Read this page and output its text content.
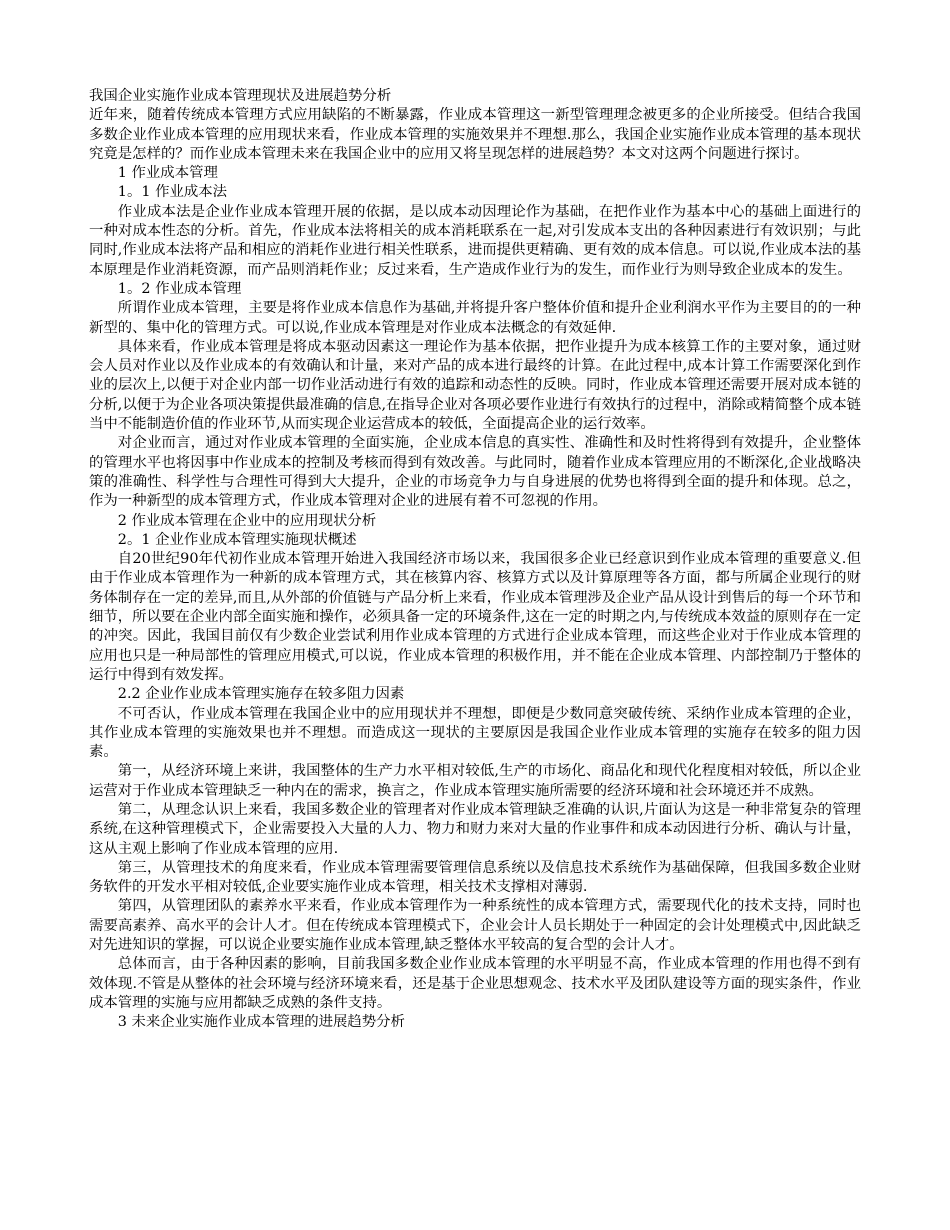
我国企业实施作业成本管理现状及进展趋势分析
近年来，随着传统成本管理方式应用缺陷的不断暴露，作业成本管理这一新型管理理念被更多的企业所接受。但结合我国多数企业作业成本管理的应用现状来看，作业成本管理的实施效果并不理想.那么，我国企业实施作业成本管理的基本现状究竟是怎样的？而作业成本管理未来在我国企业中的应用又将呈现怎样的进展趋势？本文对这两个问题进行探讨。
1 作业成本管理
1。1 作业成本法
作业成本法是企业作业成本管理开展的依据，是以成本动因理论作为基础，在把作业作为基本中心的基础上面进行的一种对成本性态的分析。首先，作业成本法将相关的成本消耗联系在一起,对引发成本支出的各种因素进行有效识别；与此同时,作业成本法将产品和相应的消耗作业进行相关性联系，进而提供更精确、更有效的成本信息。可以说,作业成本法的基本原理是作业消耗资源，而产品则消耗作业；反过来看，生产造成作业行为的发生，而作业行为则导致企业成本的发生。
1。2 作业成本管理
所谓作业成本管理，主要是将作业成本信息作为基础,并将提升客户整体价值和提升企业利润水平作为主要目的的一种新型的、集中化的管理方式。可以说,作业成本管理是对作业成本法概念的有效延伸.
具体来看，作业成本管理是将成本驱动因素这一理论作为基本依据，把作业提升为成本核算工作的主要对象，通过财会人员对作业以及作业成本的有效确认和计量，来对产品的成本进行最终的计算。在此过程中,成本计算工作需要深化到作业的层次上,以便于对企业内部一切作业活动进行有效的追踪和动态性的反映。同时，作业成本管理还需要开展对成本链的分析,以便于为企业各项决策提供最准确的信息,在指导企业对各项必要作业进行有效执行的过程中，消除或精简整个成本链当中不能制造价值的作业环节,从而实现企业运营成本的较低，全面提高企业的运行效率。
对企业而言，通过对作业成本管理的全面实施，企业成本信息的真实性、准确性和及时性将得到有效提升，企业整体的管理水平也将因事中作业成本的控制及考核而得到有效改善。与此同时，随着作业成本管理应用的不断深化,企业战略决策的准确性、科学性与合理性可得到大大提升，企业的市场竞争力与自身进展的优势也将得到全面的提升和体现。总之，作为一种新型的成本管理方式，作业成本管理对企业的进展有着不可忽视的作用。
2 作业成本管理在企业中的应用现状分析
2。1 企业作业成本管理实施现状概述
自20世纪90年代初作业成本管理开始进入我国经济市场以来，我国很多企业已经意识到作业成本管理的重要意义.但由于作业成本管理作为一种新的成本管理方式，其在核算内容、核算方式以及计算原理等各方面，都与所属企业现行的财务体制存在一定的差异,而且,从外部的价值链与产品分析上来看，作业成本管理涉及企业产品从设计到售后的每一个环节和细节，所以要在企业内部全面实施和操作，必须具备一定的环境条件,这在一定的时期之内,与传统成本效益的原则存在一定的冲突。因此，我国目前仅有少数企业尝试利用作业成本管理的方式进行企业成本管理，而这些企业对于作业成本管理的应用也只是一种局部性的管理应用模式,可以说，作业成本管理的积极作用，并不能在企业成本管理、内部控制乃于整体的运行中得到有效发挥。
2.2 企业作业成本管理实施存在较多阻力因素
不可否认，作业成本管理在我国企业中的应用现状并不理想，即便是少数同意突破传统、采纳作业成本管理的企业，其作业成本管理的实施效果也并不理想。而造成这一现状的主要原因是我国企业作业成本管理的实施存在较多的阻力因素。
第一，从经济环境上来讲，我国整体的生产力水平相对较低,生产的市场化、商品化和现代化程度相对较低，所以企业运营对于作业成本管理缺乏一种内在的需求，换言之，作业成本管理实施所需要的经济环境和社会环境还并不成熟。
第二，从理念认识上来看，我国多数企业的管理者对作业成本管理缺乏准确的认识,片面认为这是一种非常复杂的管理系统,在这种管理模式下，企业需要投入大量的人力、物力和财力来对大量的作业事件和成本动因进行分析、确认与计量，这从主观上影响了作业成本管理的应用.
第三，从管理技术的角度来看，作业成本管理需要管理信息系统以及信息技术系统作为基础保障，但我国多数企业财务软件的开发水平相对较低,企业要实施作业成本管理，相关技术支撑相对薄弱.
第四，从管理团队的素养水平来看，作业成本管理作为一种系统性的成本管理方式，需要现代化的技术支持，同时也需要高素养、高水平的会计人才。但在传统成本管理模式下，企业会计人员长期处于一种固定的会计处理模式中,因此缺乏对先进知识的掌握，可以说企业要实施作业成本管理,缺乏整体水平较高的复合型的会计人才。
总体而言，由于各种因素的影响，目前我国多数企业作业成本管理的水平明显不高，作业成本管理的作用也得不到有效体现.不管是从整体的社会环境与经济环境来看，还是基于企业思想观念、技术水平及团队建设等方面的现实条件，作业成本管理的实施与应用都缺乏成熟的条件支持。
3 未来企业实施作业成本管理的进展趋势分析
